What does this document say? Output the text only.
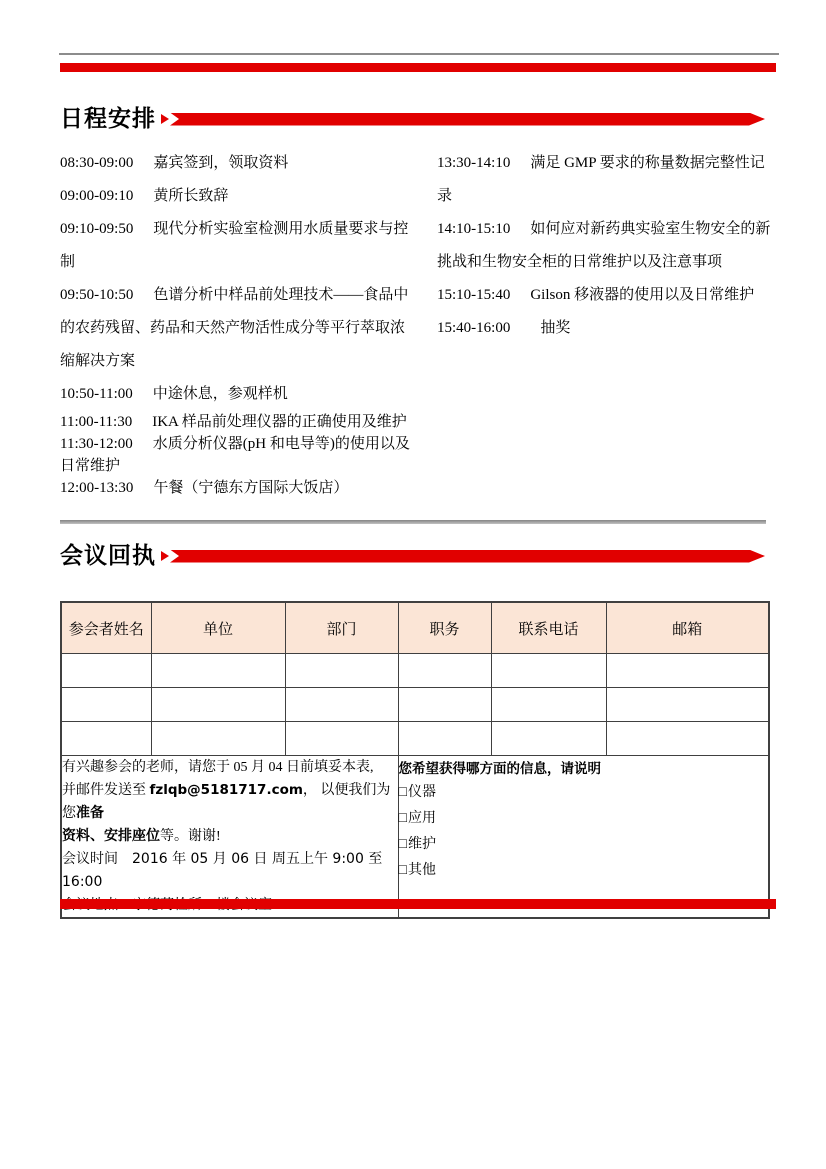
日程安排

08:30-09:00 嘉宾签到，领取资料

09:00-09:10 黄所长致辞

09:10-09:50 现代分析实验室检测用水质量要求与控制

09:50-10:50 色谱分析中样品前处理技术——食品中的农药残留、药品和天然产物活性成分等平行萃取浓缩解决方案

10:50-11:00 中途休息，参观样机

11:00-11:30 IKA 样品前处理仪器的正确使用及维护

11:30-12:00 水质分析仪器(pH 和电导等)的使用以及日常维护

12:00-13:30 午餐（宁德东方国际大饭店）

13:30-14:10 满足 GMP 要求的称量数据完整性记录

14:10-15:10 如何应对新药典实验室生物安全的新挑战和生物安全柜的日常维护以及注意事项

15:10-15:40 Gilson 移液器的使用以及日常维护

15:40-16:00 抽奖

会议回执
参会者姓名	单位	部门	职务	联系电话	邮箱

有兴趣参会的老师，请您于 05 月 04 日前填妥本表,

并邮件发送至 fzlqb@5181717.com， 以便我们为您准备

资料、安排座位等。谢谢!

会议时间　2016 年 05 月 06 日 周五上午 9:00 至 16:00

您希望获得哪方面的信息，请说明

□仪器

□应用

□维护

□其他
